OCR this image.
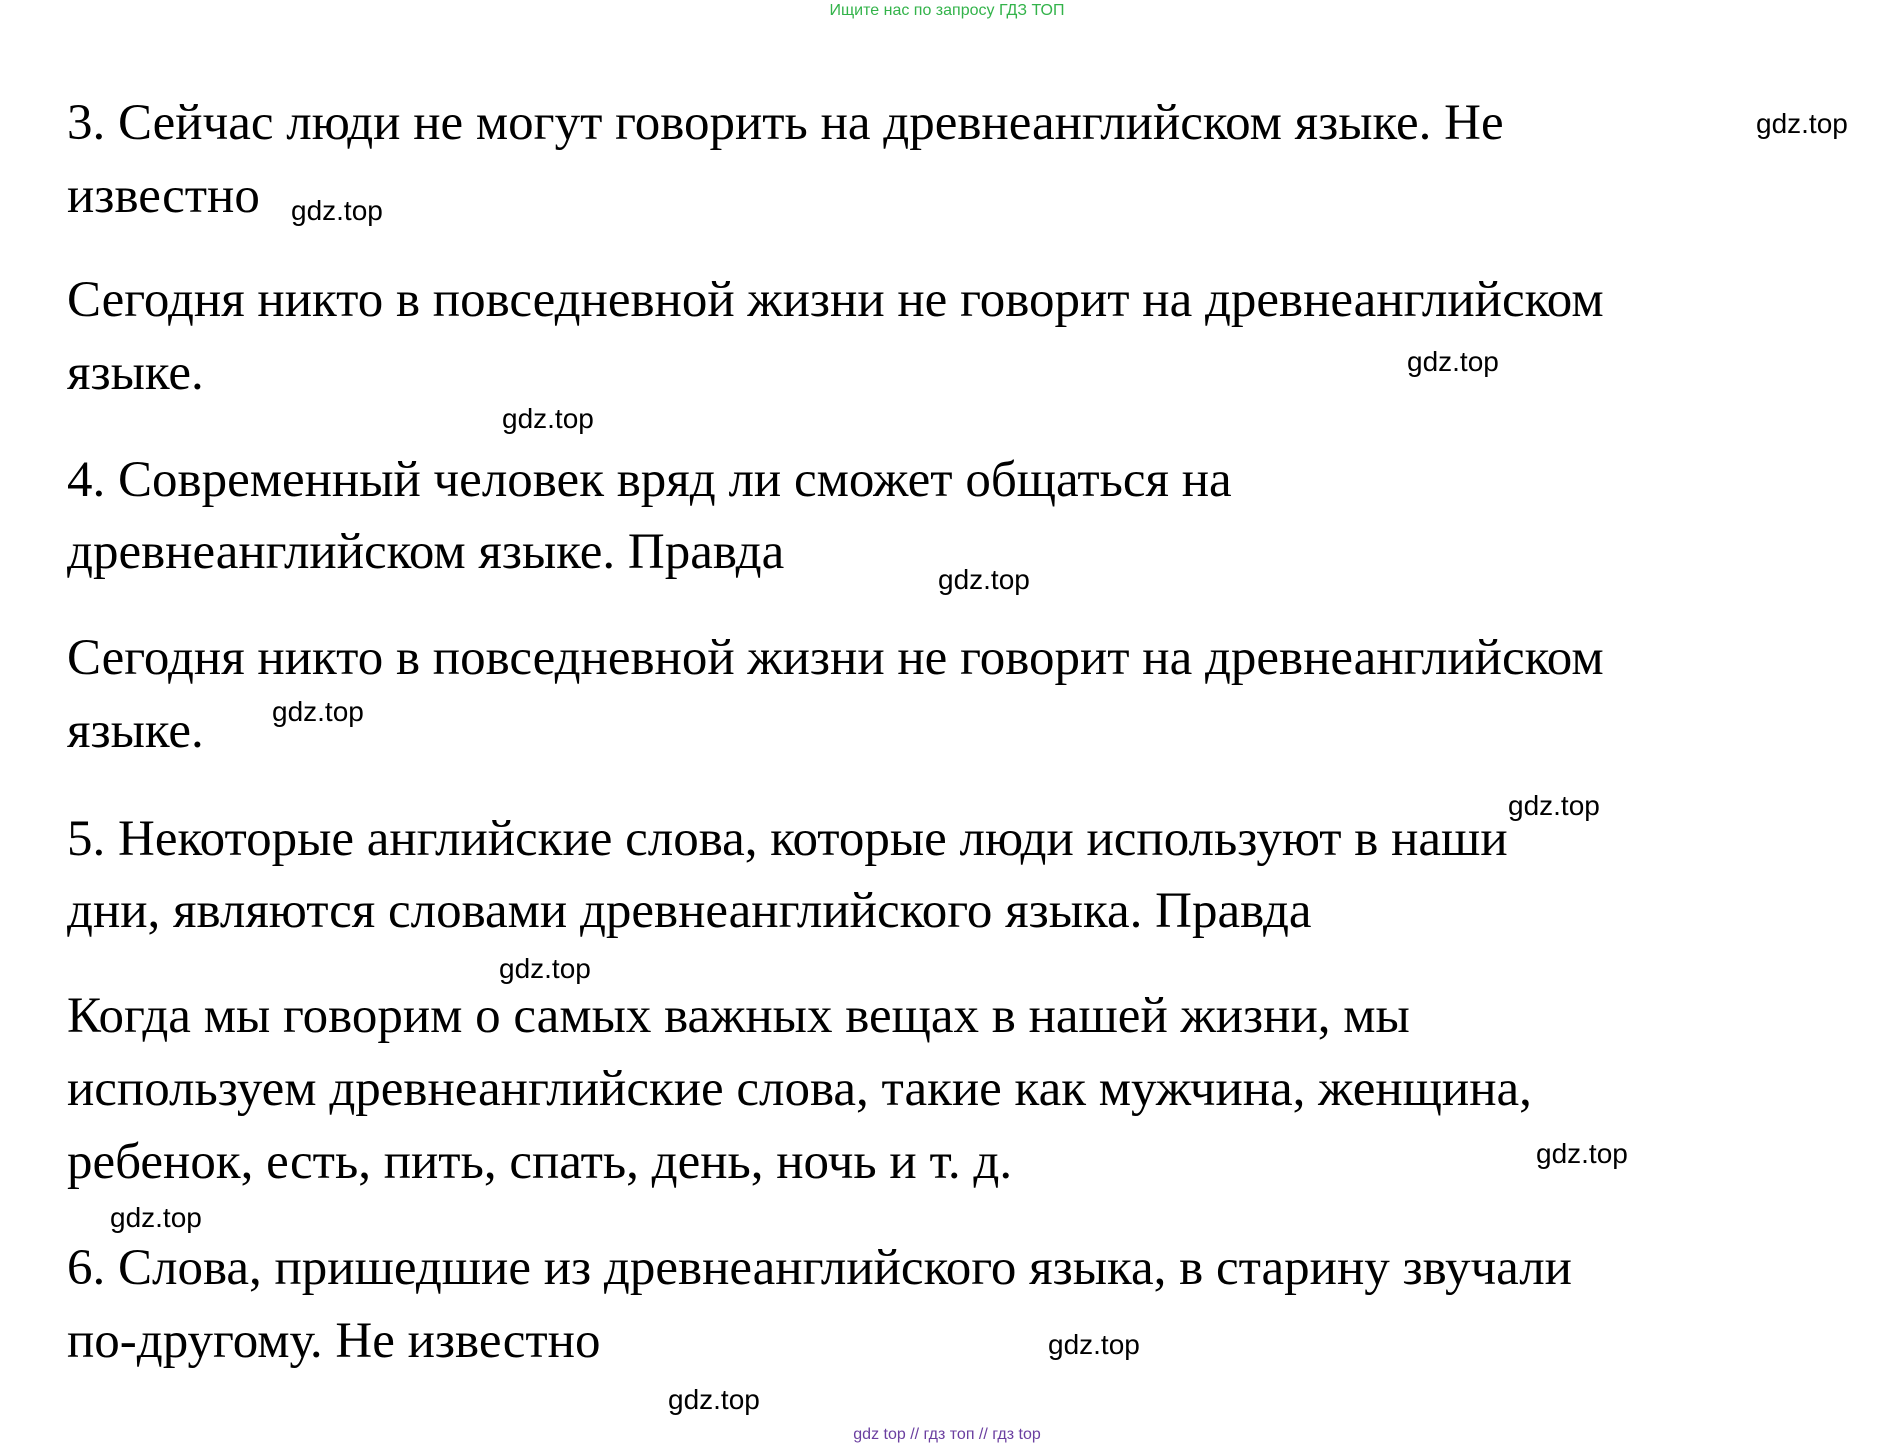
Ищите нас по запросу ГДЗ ТОП
3. Сейчас люди не могут говорить на древнеанглийском языке. Не
известно
Сегодня никто в повседневной жизни не говорит на древнеанглийском
языке.
4. Современный человек вряд ли сможет общаться на
древнеанглийском языке. Правда
Сегодня никто в повседневной жизни не говорит на древнеанглийском
языке.
5. Некоторые английские слова, которые люди используют в наши
дни, являются словами древнеанглийского языка. Правда
Когда мы говорим о самых важных вещах в нашей жизни, мы
используем древнеанглийские слова, такие как мужчина, женщина,
ребенок, есть, пить, спать, день, ночь и т. д.
6. Слова, пришедшие из древнеанглийского языка, в старину звучали
по-другому. Не известно
gdz.top
gdz.top
gdz.top
gdz.top
gdz.top
gdz.top
gdz.top
gdz.top
gdz.top
gdz.top
gdz.top
gdz.top
gdz top // гдз топ // гдз top
